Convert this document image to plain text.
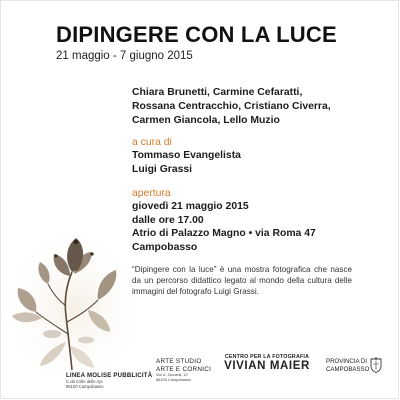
DIPINGERE CON LA LUCE
21 maggio - 7 giugno 2015
Chiara Brunetti, Carmine Cefaratti,
Rossana Centracchio, Cristiano Civerra,
Carmen Giancola, Lello Muzio
a cura di
Tommaso Evangelista
Luigi Grassi
apertura
giovedì 21 maggio 2015
dalle ore 17.00
Atrio di Palazzo Magno • via Roma 47
Campobasso
“Dipingere con la luce” è una mostra fotografica che nasce da un percorso didattico legato al mondo della cultura delle immagini del fotografo Luigi Grassi.
LINEA MOLISE PUBBLICITÀ
C.da Colle delle Api
86100 Campobasso
ARTE STUDIO
ARTE E CORNICI
Via U. Ziccardi, 12
86100 Campobasso
CENTRO PER LA FOTOGRAFIA
VIVIAN MAIER	PROVINCIA DI
CAMPOBASSO
